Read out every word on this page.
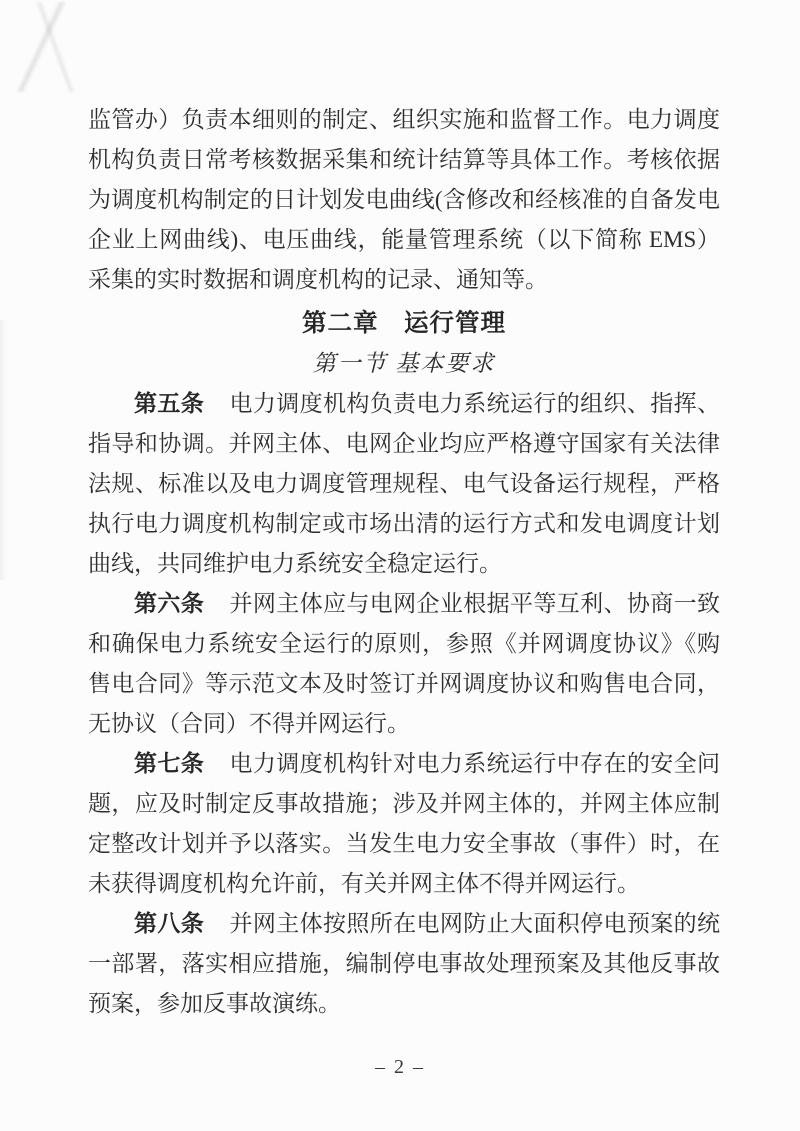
监管办）负责本细则的制定、组织实施和监督工作。电力调度机构负责日常考核数据采集和统计结算等具体工作。考核依据为调度机构制定的日计划发电曲线(含修改和经核准的自备发电企业上网曲线)、电压曲线，能量管理系统（以下简称 EMS）采集的实时数据和调度机构的记录、通知等。

第二章　运行管理
第一节 基本要求

第五条 电力调度机构负责电力系统运行的组织、指挥、指导和协调。并网主体、电网企业均应严格遵守国家有关法律法规、标准以及电力调度管理规程、电气设备运行规程，严格执行电力调度机构制定或市场出清的运行方式和发电调度计划曲线，共同维护电力系统安全稳定运行。

第六条 并网主体应与电网企业根据平等互利、协商一致和确保电力系统安全运行的原则，参照《并网调度协议》《购售电合同》等示范文本及时签订并网调度协议和购售电合同，无协议（合同）不得并网运行。

第七条 电力调度机构针对电力系统运行中存在的安全问题，应及时制定反事故措施；涉及并网主体的，并网主体应制定整改计划并予以落实。当发生电力安全事故（事件）时，在未获得调度机构允许前，有关并网主体不得并网运行。

第八条 并网主体按照所在电网防止大面积停电预案的统一部署，落实相应措施，编制停电事故处理预案及其他反事故预案，参加反事故演练。

– 2 –
